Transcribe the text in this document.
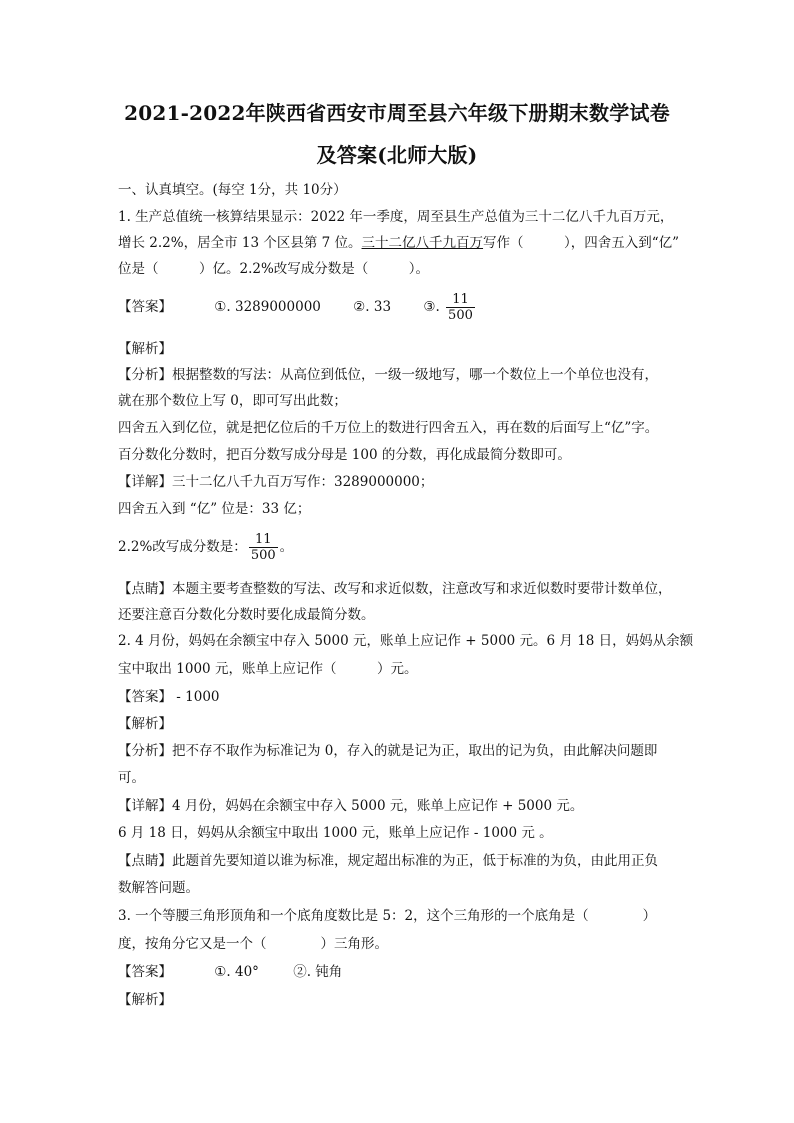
2021-2022年陕西省西安市周至县六年级下册期末数学试卷
及答案(北师大版)
一、认真填空。(每空 1分，共 10分）
1. 生产总值统一核算结果显示：2022 年一季度，周至县生产总值为三十二亿八千九百万元，
增长 2.2%，居全市 13 个区县第 7 位。三十二亿八千九百万写作（　　　），四舍五入到“亿”
位是（　　　）亿。2.2%改写成分数是（　　　）。
【答案】	①. 3289000000 ②. 33 ③. $\frac{11}{500}$
【解析】
【分析】根据整数的写法：从高位到低位，一级一级地写，哪一个数位上一个单位也没有，
就在那个数位上写 0，即可写出此数；
四舍五入到亿位，就是把亿位后的千万位上的数进行四舍五入，再在数的后面写上“亿”字。
百分数化分数时，把百分数写成分母是 100 的分数，再化成最简分数即可。
【详解】三十二亿八千九百万写作：3289000000；
四舍五入到 “亿” 位是：33 亿；
2.2%改写成分数是： $\frac{11}{500}$ 。
【点睛】本题主要考查整数的写法、改写和求近似数，注意改写和求近似数时要带计数单位，
还要注意百分数化分数时要化成最简分数。
2. 4 月份，妈妈在余额宝中存入 5000 元，账单上应记作 + 5000 元。6 月 18 日，妈妈从余额
宝中取出 1000 元，账单上应记作（　　　）元。
【答案】 - 1000
【解析】
【分析】把不存不取作为标准记为 0，存入的就是记为正，取出的记为负，由此解决问题即
可。
【详解】4 月份，妈妈在余额宝中存入 5000 元，账单上应记作 + 5000 元。
6 月 18 日，妈妈从余额宝中取出 1000 元，账单上应记作 - 1000 元 。
【点睛】此题首先要知道以谁为标准，规定超出标准的为正，低于标准的为负，由此用正负
数解答问题。
3. 一个等腰三角形顶角和一个底角度数比是 5：2，这个三角形的一个底角是（　　　　）
度，按角分它又是一个（　　　　）三角形。
【答案】	①. 40°	②. 钝角
【解析】
